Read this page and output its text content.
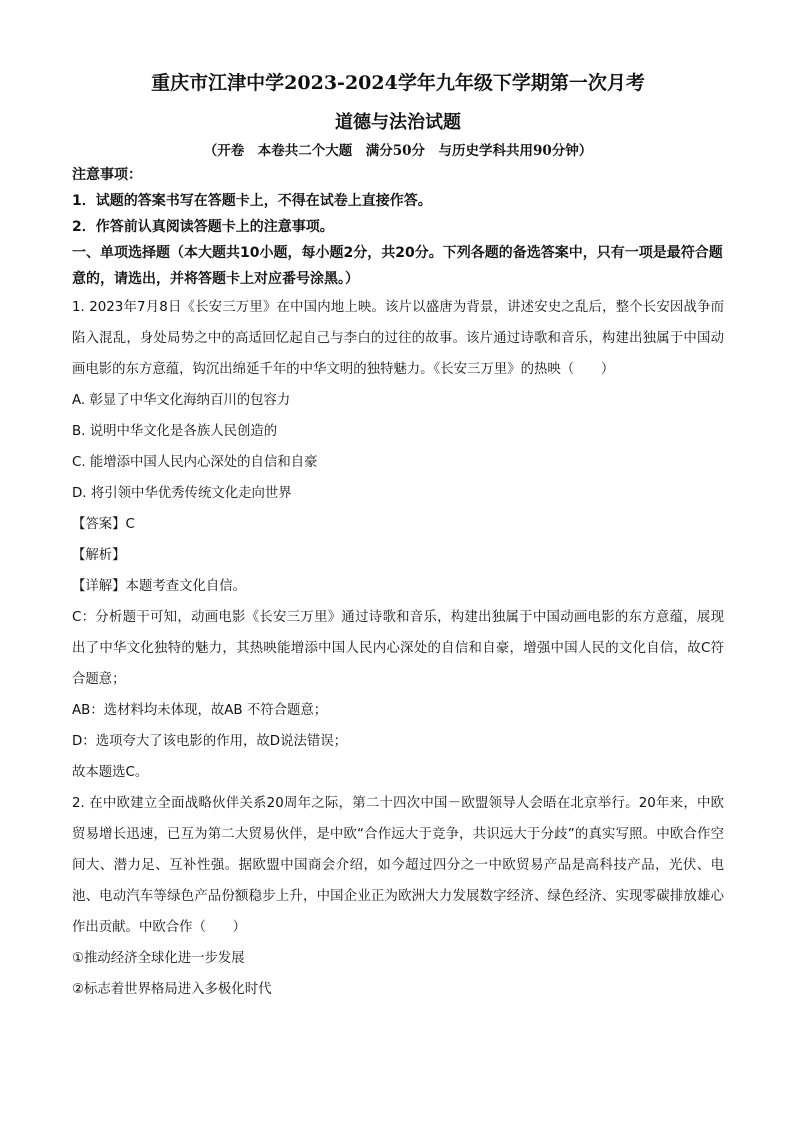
重庆市江津中学2023-2024学年九年级下学期第一次月考

道德与法治试题

（开卷　本卷共二个大题　满分50分　与历史学科共用90分钟）

注意事项：

1．试题的答案书写在答题卡上，不得在试卷上直接作答。

2．作答前认真阅读答题卡上的注意事项。

一、单项选择题（本大题共10小题，每小题2分，共20分。下列各题的备选答案中，只有一项是最符合题意的，请选出，并将答题卡上对应番号涂黑。）

1. 2023年7月8日《长安三万里》在中国内地上映。该片以盛唐为背景，讲述安史之乱后，整个长安因战争而陷入混乱，身处局势之中的高适回忆起自己与李白的过往的故事。该片通过诗歌和音乐，构建出独属于中国动画电影的东方意蕴，钩沉出绵延千年的中华文明的独特魅力。《长安三万里》的热映（　　）

A. 彰显了中华文化海纳百川的包容力

B. 说明中华文化是各族人民创造的

C. 能增添中国人民内心深处的自信和自豪

D. 将引领中华优秀传统文化走向世界

【答案】C

【解析】

【详解】本题考查文化自信。

C：分析题干可知，动画电影《长安三万里》通过诗歌和音乐，构建出独属于中国动画电影的东方意蕴，展现出了中华文化独特的魅力，其热映能增添中国人民内心深处的自信和自豪，增强中国人民的文化自信，故C符合题意；

AB：选材料均未体现，故AB 不符合题意；

D：选项夸大了该电影的作用，故D说法错误；

故本题选C。

2. 在中欧建立全面战略伙伴关系20周年之际，第二十四次中国－欧盟领导人会晤在北京举行。20年来，中欧贸易增长迅速，已互为第二大贸易伙伴，是中欧“合作远大于竞争，共识远大于分歧”的真实写照。中欧合作空间大、潜力足、互补性强。据欧盟中国商会介绍，如今超过四分之一中欧贸易产品是高科技产品，光伏、电池、电动汽车等绿色产品份额稳步上升，中国企业正为欧洲大力发展数字经济、绿色经济、实现零碳排放雄心作出贡献。中欧合作（　　）

①推动经济全球化进一步发展

②标志着世界格局进入多极化时代
